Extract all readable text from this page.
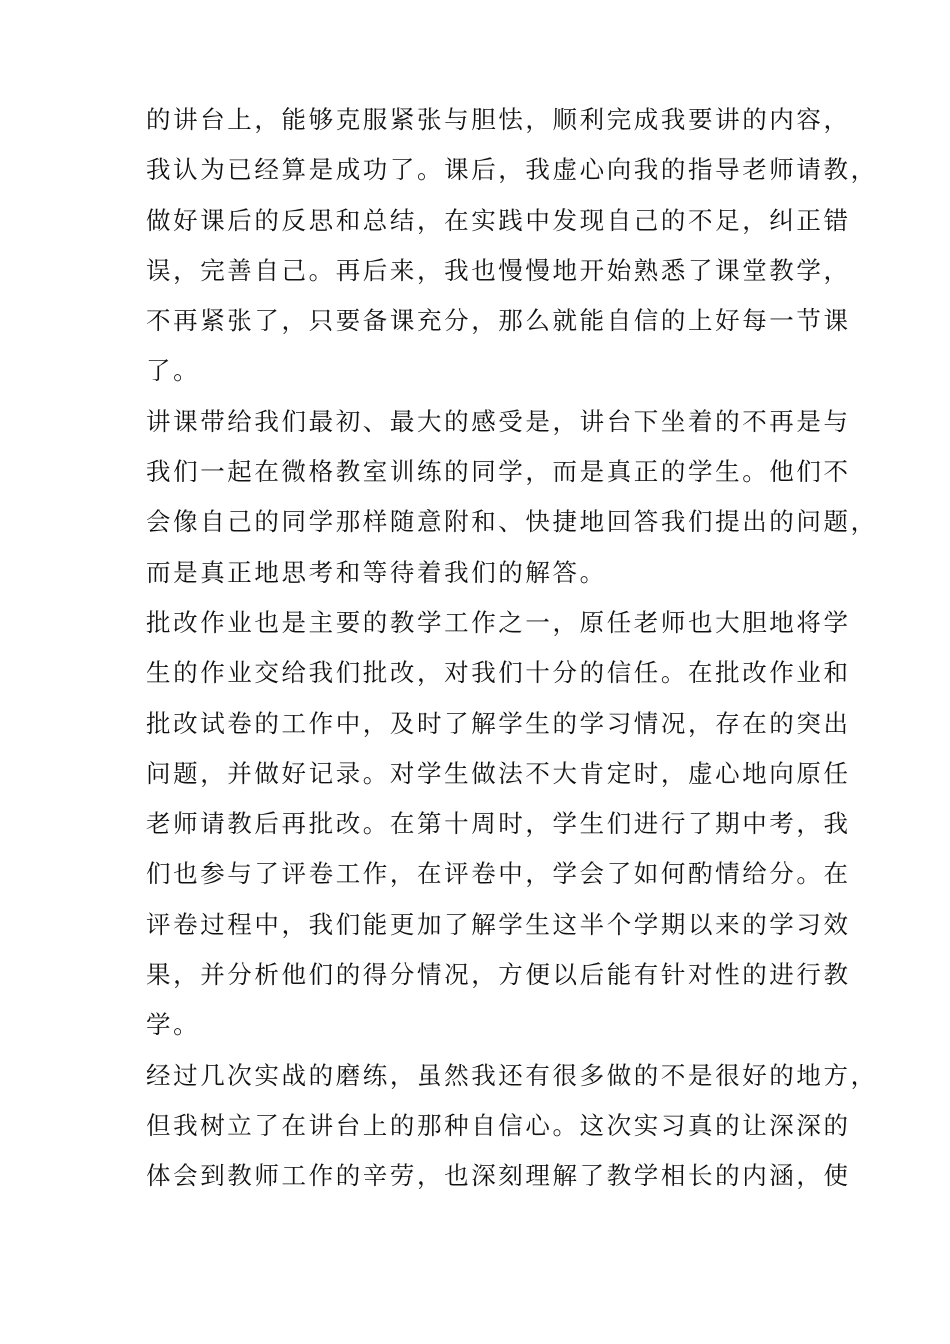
的讲台上，能够克服紧张与胆怯，顺利完成我要讲的内容，
我认为已经算是成功了。课后，我虚心向我的指导老师请教，
做好课后的反思和总结，在实践中发现自己的不足，纠正错
误，完善自己。再后来，我也慢慢地开始熟悉了课堂教学，
不再紧张了，只要备课充分，那么就能自信的上好每一节课
了。
讲课带给我们最初、最大的感受是，讲台下坐着的不再是与
我们一起在微格教室训练的同学，而是真正的学生。他们不
会像自己的同学那样随意附和、快捷地回答我们提出的问题，
而是真正地思考和等待着我们的解答。
批改作业也是主要的教学工作之一，原任老师也大胆地将学
生的作业交给我们批改，对我们十分的信任。在批改作业和
批改试卷的工作中，及时了解学生的学习情况，存在的突出
问题，并做好记录。对学生做法不大肯定时，虚心地向原任
老师请教后再批改。在第十周时，学生们进行了期中考，我
们也参与了评卷工作，在评卷中，学会了如何酌情给分。在
评卷过程中，我们能更加了解学生这半个学期以来的学习效
果，并分析他们的得分情况，方便以后能有针对性的进行教
学。
经过几次实战的磨练，虽然我还有很多做的不是很好的地方，
但我树立了在讲台上的那种自信心。这次实习真的让深深的
体会到教师工作的辛劳，也深刻理解了教学相长的内涵，使
